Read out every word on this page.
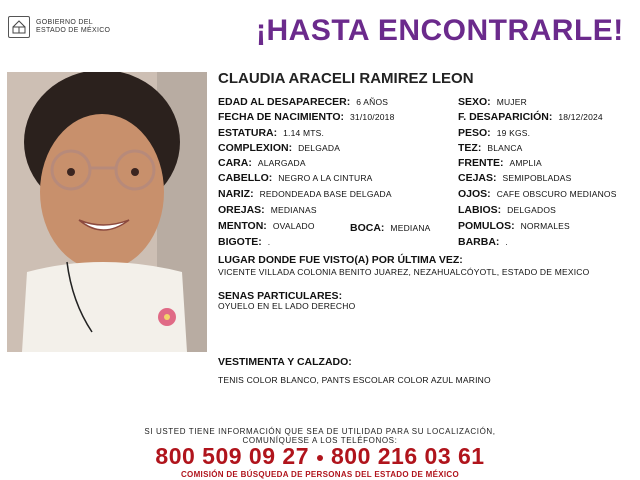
GOBIERNO DEL
ESTADO DE MÉXICO	¡HASTA ENCONTRARLE!
CLAUDIA ARACELI RAMIREZ LEON
EDAD AL DESAPARECER: 6 AÑOS	SEXO: MUJER
FECHA DE NACIMIENTO: 31/10/2018	F. DESAPARICIÓN: 18/12/2024
ESTATURA: 1.14 MTS.	PESO: 19 KGS.
COMPLEXION: DELGADA	TEZ: BLANCA
CARA: ALARGADA	FRENTE: AMPLIA
CABELLO: NEGRO A LA CINTURA	CEJAS: SEMIPOBLADAS
NARIZ: REDONDEADA BASE DELGADA	OJOS: CAFE OBSCURO MEDIANOS
OREJAS: MEDIANAS	LABIOS: DELGADOS
MENTON: OVALADO	BOCA: MEDIANA	POMULOS: NORMALES
BIGOTE: .	BARBA: .
LUGAR DONDE FUE VISTO(A) POR ÚLTIMA VEZ:
VICENTE VILLADA COLONIA BENITO JUAREZ, NEZAHUALCÓYOTL, ESTADO DE MEXICO
SENAS PARTICULARES:
OYUELO EN EL LADO DERECHO
VESTIMENTA Y CALZADO:
TENIS COLOR BLANCO, PANTS ESCOLAR COLOR AZUL MARINO
SI USTED TIENE INFORMACIÓN QUE SEA DE UTILIDAD PARA SU LOCALIZACIÓN,
COMUNÍQUESE A LOS TELÉFONOS:
800 509 09 27 800 216 03 61
COMISIÓN DE BÚSQUEDA DE PERSONAS DEL ESTADO DE MÉXICO
